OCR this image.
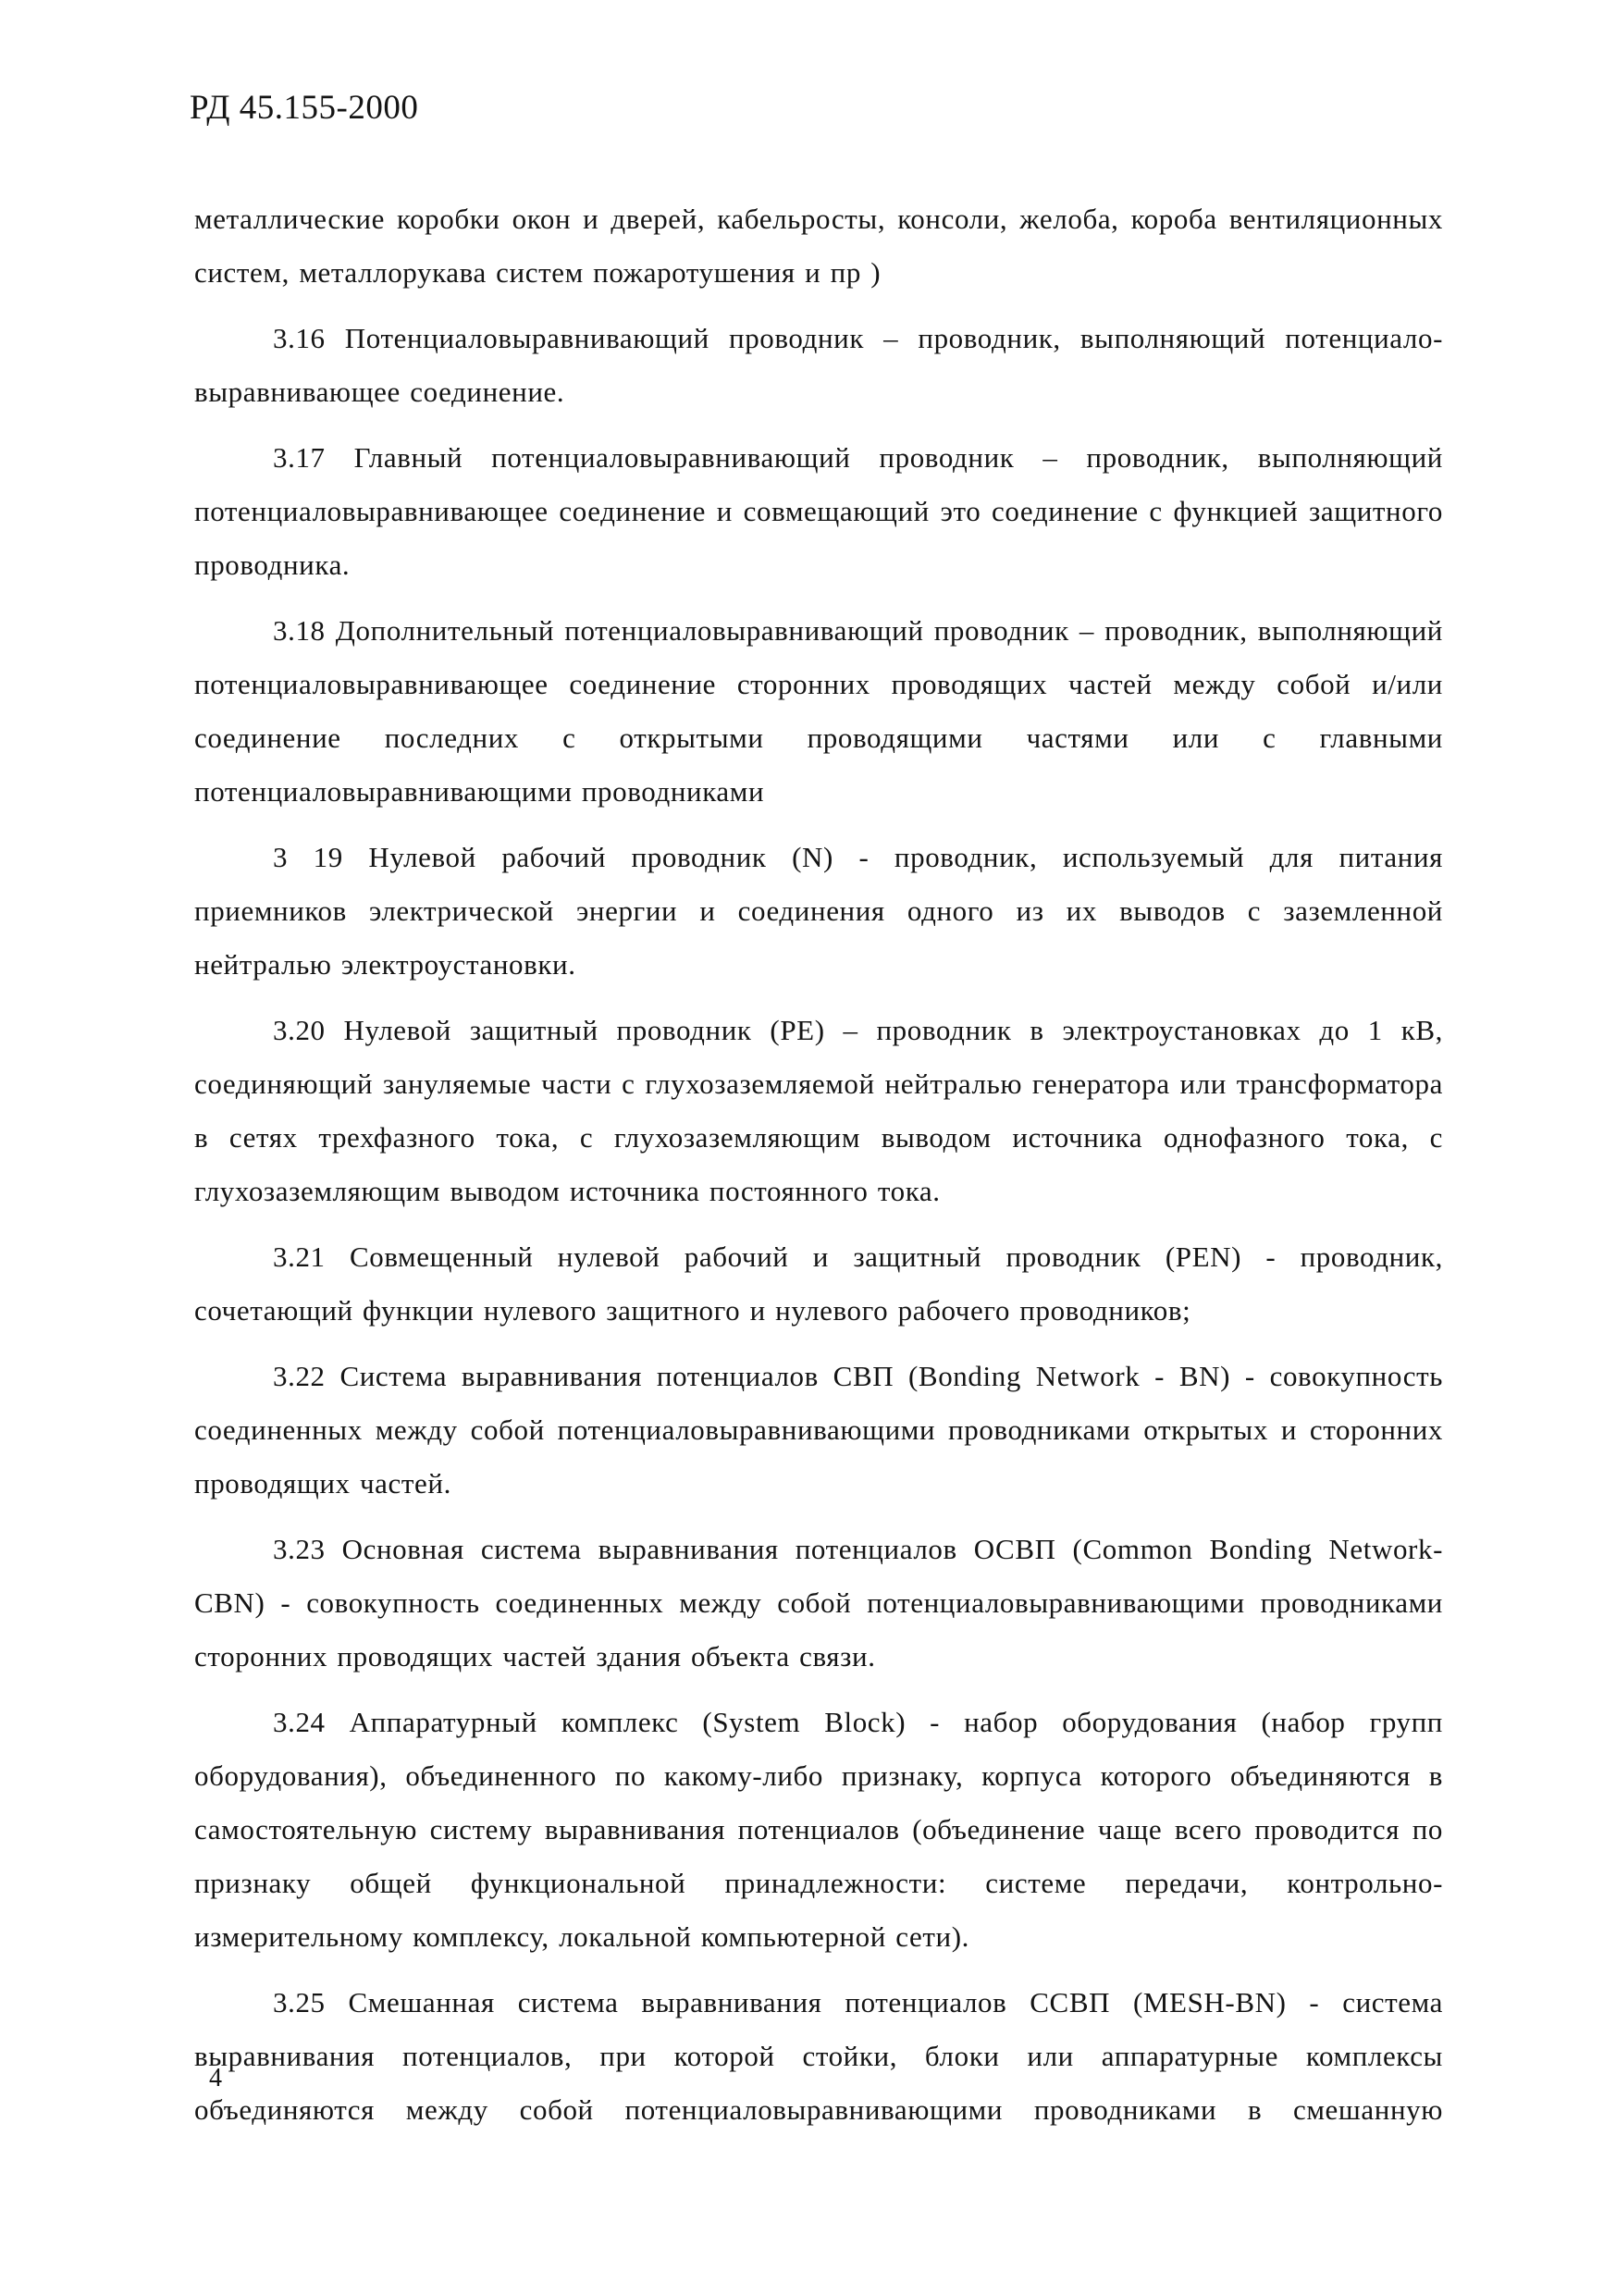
РД 45.155-2000

металлические коробки окон и дверей, кабельросты, консоли, желоба, короба вентиляционных систем, металлорукава систем пожаротушения и пр )

3.16 Потенциаловыравнивающий проводник – проводник, выполняющий потенциало-выравнивающее соединение.

3.17 Главный потенциаловыравнивающий проводник – проводник, выполняющий потенциаловыравнивающее соединение и совмещающий это соединение с функцией защитного проводника.

3.18 Дополнительный потенциаловыравнивающий проводник – проводник, выполняющий потенциаловыравнивающее соединение сторонних проводящих частей между собой и/или соединение последних с открытыми проводящими частями или с главными потенциаловыравнивающими проводниками

3 19 Нулевой рабочий проводник (N) - проводник, используемый для питания приемников электрической энергии и соединения одного из их выводов с заземленной нейтралью электроустановки.

3.20 Нулевой защитный проводник (PE) – проводник в электроустановках до 1 кВ, соединяющий зануляемые части с глухозаземляемой нейтралью генератора или трансформатора в сетях трехфазного тока, с глухозаземляющим выводом источника однофазного тока, с глухозаземляющим выводом источника постоянного тока.

3.21 Совмещенный нулевой рабочий и защитный проводник (PEN) - проводник, сочетающий функции нулевого защитного и нулевого рабочего проводников;

3.22 Система выравнивания потенциалов СВП (Bonding Network - BN) - совокупность соединенных между собой потенциаловыравнивающими проводниками открытых и сторонних проводящих частей.

3.23 Основная система выравнивания потенциалов ОСВП (Common Bonding Network-CBN) - совокупность соединенных между собой потенциаловыравнивающими проводниками сторонних проводящих частей здания объекта связи.

3.24 Аппаратурный комплекс (System Block) - набор оборудования (набор групп оборудования), объединенного по какому-либо признаку, корпуса которого объединяются в самостоятельную систему выравнивания потенциалов (объединение чаще всего проводится по признаку общей функциональной принадлежности: системе передачи, контрольно-измерительному комплексу, локальной компьютерной сети).

3.25 Смешанная система выравнивания потенциалов ССВП (MESH-BN) - система выравнивания потенциалов, при которой стойки, блоки или аппаратурные комплексы объединяются между собой потенциаловыравнивающими проводниками в смешанную

4
